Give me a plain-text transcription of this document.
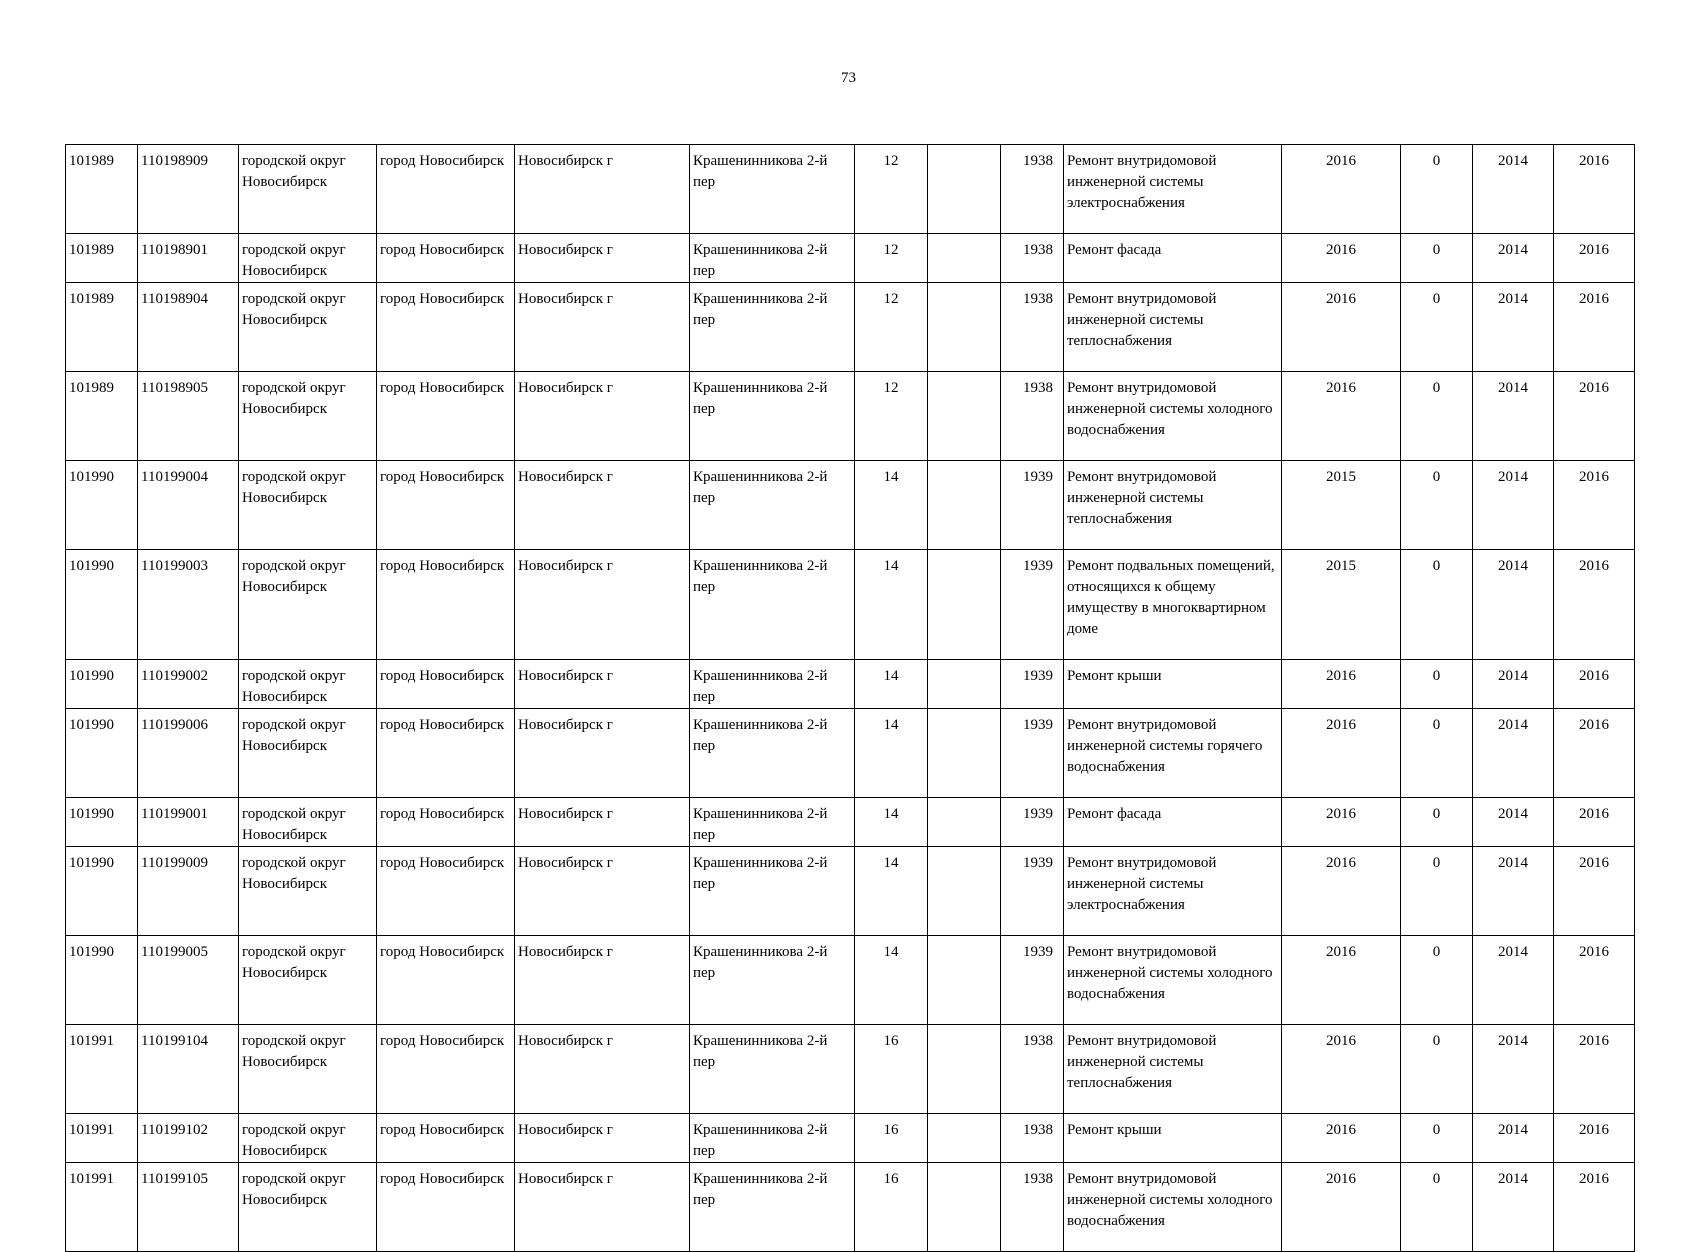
73
101989	110198909	городской округ Новосибирск	город Новосибирск	Новосибирск г	Крашенинникова 2-й пер	12		1938	Ремонт внутридомовой инженерной системы электроснабжения	2016	0	2014	2016
101989	110198901	городской округ Новосибирск	город Новосибирск	Новосибирск г	Крашенинникова 2-й пер	12		1938	Ремонт фасада	2016	0	2014	2016
101989	110198904	городской округ Новосибирск	город Новосибирск	Новосибирск г	Крашенинникова 2-й пер	12		1938	Ремонт внутридомовой инженерной системы теплоснабжения	2016	0	2014	2016
101989	110198905	городской округ Новосибирск	город Новосибирск	Новосибирск г	Крашенинникова 2-й пер	12		1938	Ремонт внутридомовой инженерной системы холодного водоснабжения	2016	0	2014	2016
101990	110199004	городской округ Новосибирск	город Новосибирск	Новосибирск г	Крашенинникова 2-й пер	14		1939	Ремонт внутридомовой инженерной системы теплоснабжения	2015	0	2014	2016
101990	110199003	городской округ Новосибирск	город Новосибирск	Новосибирск г	Крашенинникова 2-й пер	14		1939	Ремонт подвальных помещений, относящихся к общему имуществу в многоквартирном доме	2015	0	2014	2016
101990	110199002	городской округ Новосибирск	город Новосибирск	Новосибирск г	Крашенинникова 2-й пер	14		1939	Ремонт крыши	2016	0	2014	2016
101990	110199006	городской округ Новосибирск	город Новосибирск	Новосибирск г	Крашенинникова 2-й пер	14		1939	Ремонт внутридомовой инженерной системы горячего водоснабжения	2016	0	2014	2016
101990	110199001	городской округ Новосибирск	город Новосибирск	Новосибирск г	Крашенинникова 2-й пер	14		1939	Ремонт фасада	2016	0	2014	2016
101990	110199009	городской округ Новосибирск	город Новосибирск	Новосибирск г	Крашенинникова 2-й пер	14		1939	Ремонт внутридомовой инженерной системы электроснабжения	2016	0	2014	2016
101990	110199005	городской округ Новосибирск	город Новосибирск	Новосибирск г	Крашенинникова 2-й пер	14		1939	Ремонт внутридомовой инженерной системы холодного водоснабжения	2016	0	2014	2016
101991	110199104	городской округ Новосибирск	город Новосибирск	Новосибирск г	Крашенинникова 2-й пер	16		1938	Ремонт внутридомовой инженерной системы теплоснабжения	2016	0	2014	2016
101991	110199102	городской округ Новосибирск	город Новосибирск	Новосибирск г	Крашенинникова 2-й пер	16		1938	Ремонт крыши	2016	0	2014	2016
101991	110199105	городской округ Новосибирск	город Новосибирск	Новосибирск г	Крашенинникова 2-й пер	16		1938	Ремонт внутридомовой инженерной системы холодного водоснабжения	2016	0	2014	2016
